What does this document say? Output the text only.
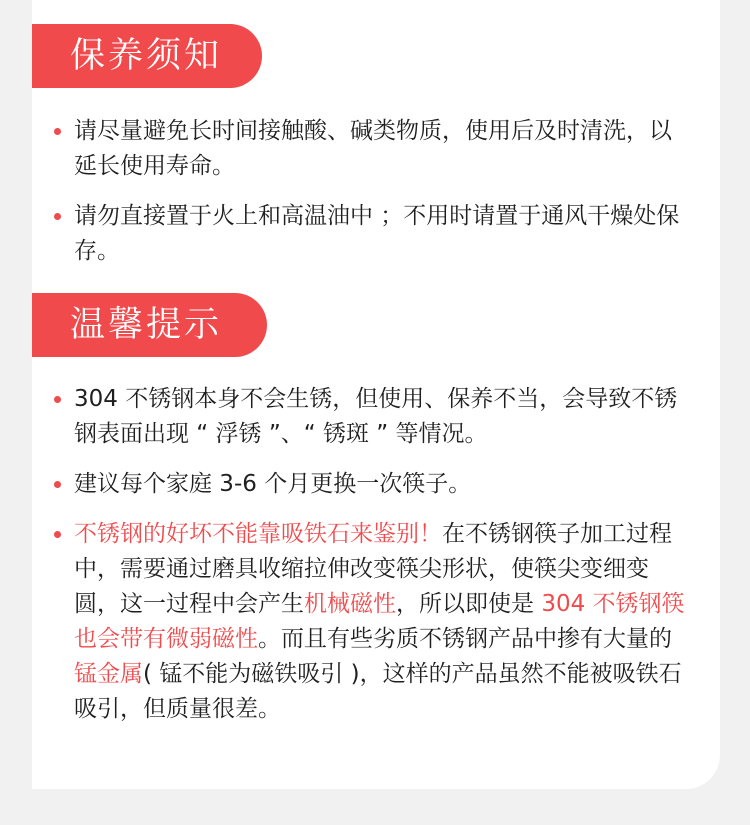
保养须知
请尽量避免长时间接触酸、碱类物质，使用后及时清洗，以延长使用寿命。
请勿直接置于火上和高温油中 ；不用时请置于通风干燥处保存。
温馨提示
304 不锈钢本身不会生锈，但使用、保养不当，会导致不锈钢表面出现 “ 浮锈 ”、“ 锈斑 ” 等情况。
建议每个家庭 3-6 个月更换一次筷子。
不锈钢的好坏不能靠吸铁石来鉴别！在不锈钢筷子加工过程中，需要通过磨具收缩拉伸改变筷尖形状，使筷尖变细变圆，这一过程中会产生机械磁性，所以即使是 304 不锈钢筷也会带有微弱磁性。而且有些劣质不锈钢产品中掺有大量的锰金属( 锰不能为磁铁吸引 )，这样的产品虽然不能被吸铁石吸引，但质量很差。
